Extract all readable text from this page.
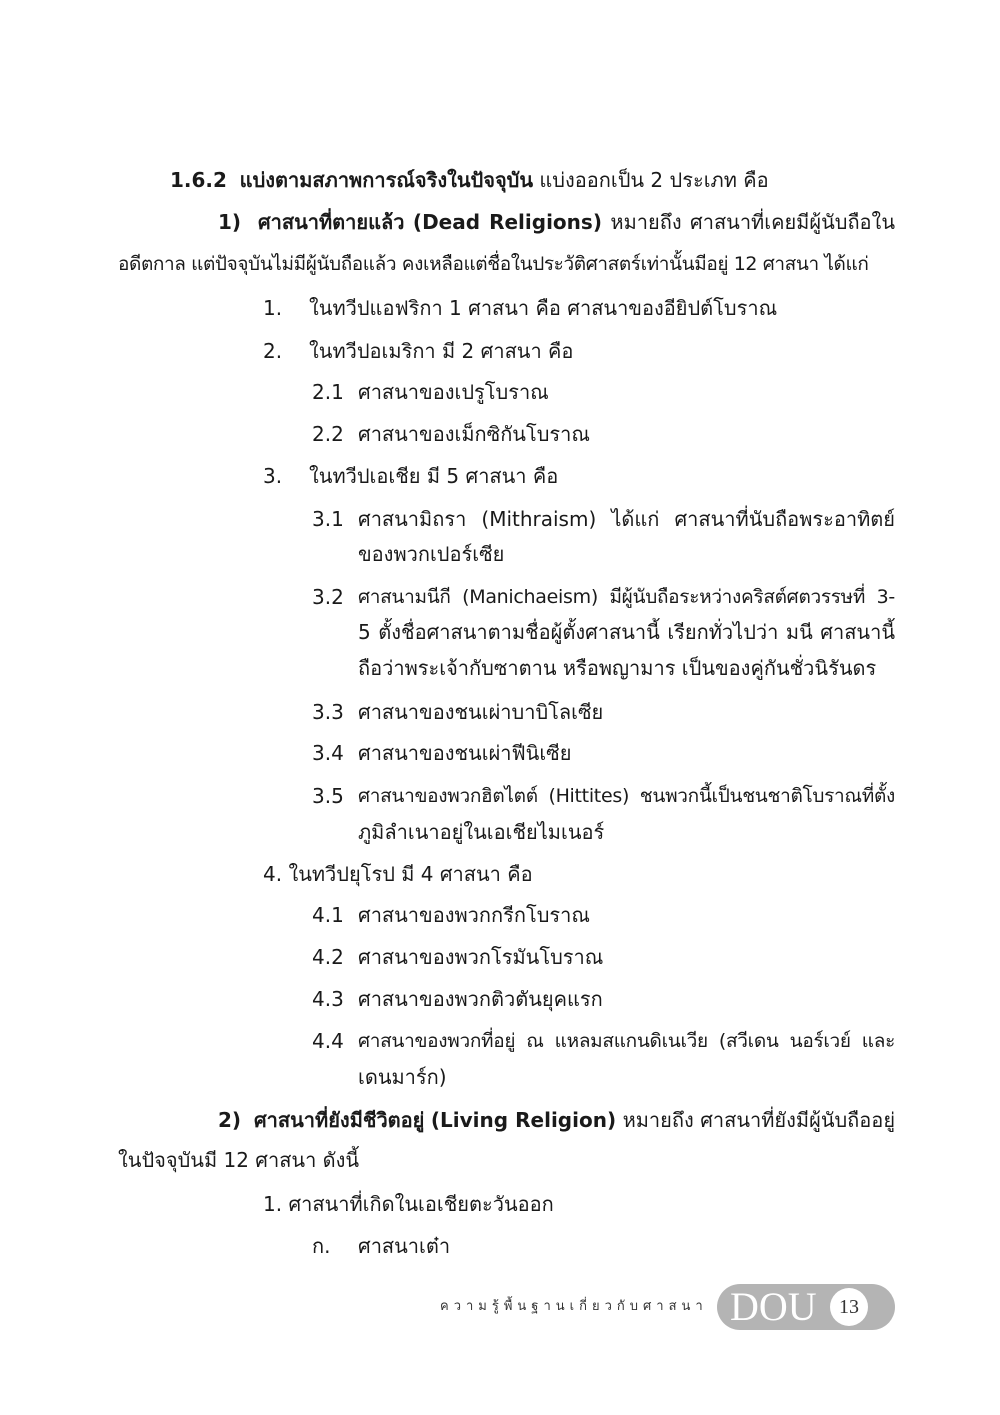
1.6.2 แบ่งตามสภาพการณ์จริงในปัจจุบัน แบ่งออกเป็น 2 ประเภท คือ
1) ศาสนาที่ตายแล้ว (Dead Religions) หมายถึง ศาสนาที่เคยมีผู้นับถือใน
อดีตกาล แต่ปัจจุบันไม่มีผู้นับถือแล้ว คงเหลือแต่ชื่อในประวัติศาสตร์เท่านั้นมีอยู่ 12 ศาสนา ได้แก่
1. ในทวีปแอฟริกา 1 ศาสนา คือ ศาสนาของอียิปต์โบราณ
2. ในทวีปอเมริกา มี 2 ศาสนา คือ
2.1 ศาสนาของเปรูโบราณ
2.2 ศาสนาของเม็กซิกันโบราณ
3. ในทวีปเอเชีย มี 5 ศาสนา คือ
3.1 ศาสนามิถรา (Mithraism) ได้แก่ ศาสนาที่นับถือพระอาทิตย์
ของพวกเปอร์เซีย
3.2 ศาสนามนีกี (Manichaeism) มีผู้นับถือระหว่างคริสต์ศตวรรษที่ 3-
5 ตั้งชื่อศาสนาตามชื่อผู้ตั้งศาสนานี้ เรียกทั่วไปว่า มนี ศาสนานี้
ถือว่าพระเจ้ากับซาตาน หรือพญามาร เป็นของคู่กันชั่วนิรันดร
3.3 ศาสนาของชนเผ่าบาบิโลเซีย
3.4 ศาสนาของชนเผ่าฟีนิเซีย
3.5 ศาสนาของพวกฮิตไตต์ (Hittites) ชนพวกนี้เป็นชนชาติโบราณที่ตั้ง
ภูมิลำเนาอยู่ในเอเชียไมเนอร์
4. ในทวีปยุโรป มี 4 ศาสนา คือ
4.1 ศาสนาของพวกกรีกโบราณ
4.2 ศาสนาของพวกโรมันโบราณ
4.3 ศาสนาของพวกติวตันยุคแรก
4.4 ศาสนาของพวกที่อยู่ ณ แหลมสแกนดิเนเวีย (สวีเดน นอร์เวย์ และ
เดนมาร์ก)
2) ศาสนาที่ยังมีชีวิตอยู่ (Living Religion) หมายถึง ศาสนาที่ยังมีผู้นับถืออยู่
ในปัจจุบันมี 12 ศาสนา ดังนี้
1. ศาสนาที่เกิดในเอเชียตะวันออก
ก. ศาสนาเต๋า
ความรู้พื้นฐานเกี่ยวกับศาสนา DOU	13
